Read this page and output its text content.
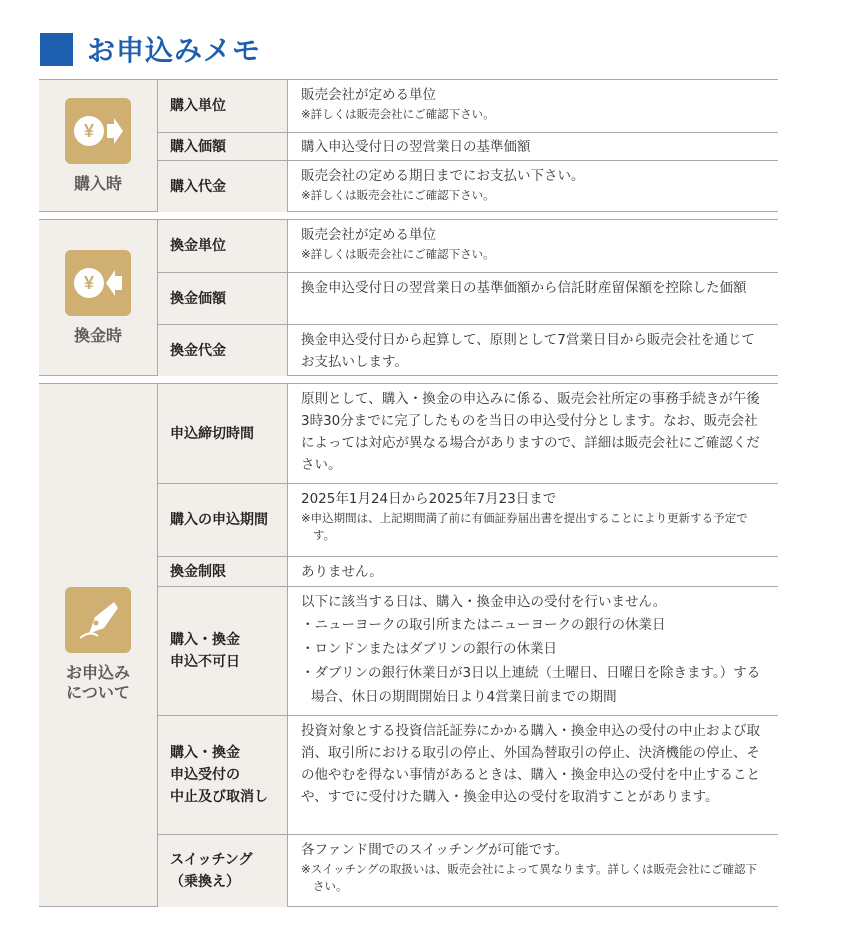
お申込みメモ
¥
購入時
購入単位
販売会社が定める単位
※詳しくは販売会社にご確認下さい。
購入価額	購入申込受付日の翌営業日の基準価額
購入代金
販売会社の定める期日までにお支払い下さい。
※詳しくは販売会社にご確認下さい。
¥
換金時
換金単位
販売会社が定める単位
※詳しくは販売会社にご確認下さい。
換金価額
換金申込受付日の翌営業日の基準価額から信託財産留保額を控除した価額
換金代金
換金申込受付日から起算して、原則として7営業日目から販売会社を通じてお支払いします。
お申込み
について
申込締切時間
原則として、購入・換金の申込みに係る、販売会社所定の事務手続きが午後3時30分までに完了したものを当日の申込受付分とします。なお、販売会社によっては対応が異なる場合がありますので、詳細は販売会社にご確認ください。
購入の申込期間
2025年1月24日から2025年7月23日まで
※申込期間は、上記期間満了前に有価証券届出書を提出することにより更新する予定です。
換金制限	ありません。
購入・換金
申込不可日
以下に該当する日は、購入・換金申込の受付を行いません。
・ニューヨークの取引所またはニューヨークの銀行の休業日
・ロンドンまたはダブリンの銀行の休業日
・ダブリンの銀行休業日が3日以上連続（土曜日、日曜日を除きます。）する場合、休日の期間開始日より4営業日前までの期間
購入・換金
申込受付の
中止及び取消し
投資対象とする投資信託証券にかかる購入・換金申込の受付の中止および取消、取引所における取引の停止、外国為替取引の停止、決済機能の停止、その他やむを得ない事情があるときは、購入・換金申込の受付を中止することや、すでに受付けた購入・換金申込の受付を取消すことがあります。
スイッチング
（乗換え）
各ファンド間でのスイッチングが可能です。
※スイッチングの取扱いは、販売会社によって異なります。詳しくは販売会社にご確認下さい。
